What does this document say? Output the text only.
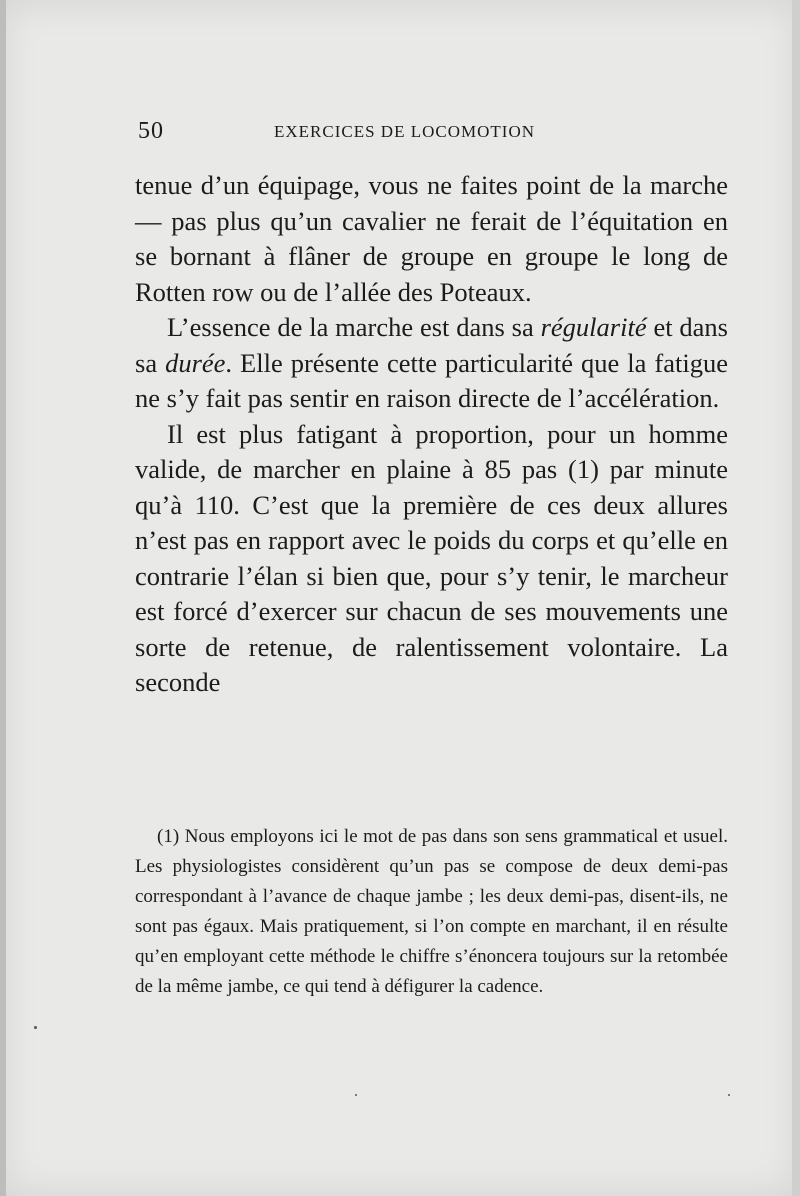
50	EXERCICES DE LOCOMOTION

tenue d’un équipage, vous ne faites point de la marche — pas plus qu’un cavalier ne ferait de l’équitation en se bornant à flâner de groupe en groupe le long de Rotten row ou de l’allée des Poteaux.

L’essence de la marche est dans sa régularité et dans sa durée. Elle présente cette particularité que la fatigue ne s’y fait pas sentir en raison directe de l’accélération.

Il est plus fatigant à proportion, pour un homme valide, de marcher en plaine à 85 pas (1) par minute qu’à 110. C’est que la première de ces deux allures n’est pas en rapport avec le poids du corps et qu’elle en contrarie l’élan si bien que, pour s’y tenir, le marcheur est forcé d’exercer sur chacun de ses mouvements une sorte de retenue, de ralentissement volontaire. La seconde

(1) Nous employons ici le mot de pas dans son sens grammatical et usuel. Les physiologistes considèrent qu’un pas se compose de deux demi-pas correspondant à l’avance de chaque jambe ; les deux demi-pas, disent-ils, ne sont pas égaux. Mais pratiquement, si l’on compte en marchant, il en résulte qu’en employant cette méthode le chiffre s’énoncera toujours sur la retombée de la même jambe, ce qui tend à défigurer la cadence.
